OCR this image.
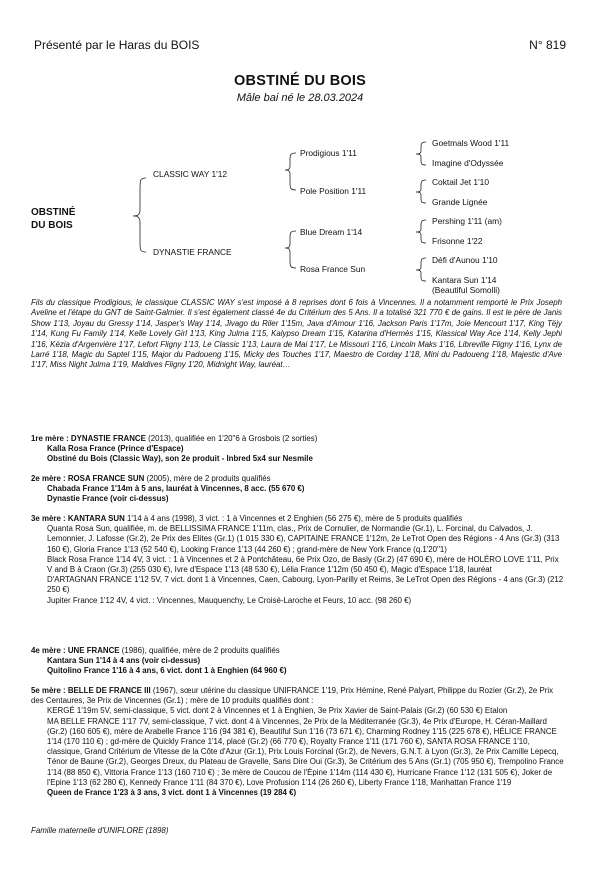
Présenté par le Haras du BOIS	N° 819
OBSTINÉ DU BOIS
Mâle bai né le 28.03.2024
OBSTINÉ
DU BOIS
CLASSIC WAY 1'12
DYNASTIE FRANCE
Prodigious 1'11
Pole Position 1'11
Blue Dream 1'14
Rosa France Sun
Goetmals Wood 1'11
Imagine d'Odyssée
Coktail Jet 1'10
Grande Lignée
Pershing 1'11 (am)
Frisonne 1'22
Défi d'Aunou 1'10
Kantara Sun 1'14
(Beautiful Somolli)
Fils du classique Prodigious, le classique CLASSIC WAY s'est imposé à 8 reprises dont 6 fois à Vincennes. Il a notamment remporté le Prix Joseph Aveline et l'étape du GNT de Saint-Galmier. Il s'est également classé 4e du Critérium des 5 Ans. Il a totalisé 321 770 € de gains. Il est le père de Janis Show 1'13, Joyau du Gressy 1'14, Jasper's Way 1'14, Jivago du Riler 1'15m, Java d'Amour 1'16, Jackson Paris 1'17m, Joie Mencourt 1'17, King Tëjy 1'14, Kung Fu Family 1'14, Kelle Lovely Girl 1'13, King Julma 1'15, Kalypso Dream 1'15, Katarina d'Hermès 1'15, Klassical Way Ace 1'14, Kelly Jephi 1'16, Kézia d'Argenvière 1'17, Lefort Fligny 1'13, Le Classic 1'13, Laura de Mai 1'17, Le Missouri 1'16, Lincoln Maks 1'16, Libreville Fligny 1'16, Lynx de Larré 1'18, Magic du Saptel 1'15, Major du Padoueng 1'15, Micky des Touches 1'17, Maestro de Corday 1'18, Mini du Padoueng 1'18, Majestic d'Ave 1'17, Miss Night Julma 1'19, Maldives Fligny 1'20, Midnight Way, lauréat…
1re mère : DYNASTIE FRANCE (2013), qualifiée en 1'20"6 à Grosbois (2 sorties)
Kalla Rosa France (Prince d'Espace)
Obstiné du Bois (Classic Way), son 2e produit - Inbred 5x4 sur Nesmile
2e mère : ROSA FRANCE SUN (2005), mère de 2 produits qualifiés
Chabada France 1'14m à 5 ans, lauréat à Vincennes, 8 acc. (55 670 €)
Dynastie France (voir ci-dessus)
3e mère : KANTARA SUN 1'14 à 4 ans (1998), 3 vict. : 1 à Vincennes et 2 Enghien (56 275 €), mère de 5 produits qualifiés
Quanta Rosa Sun, qualifiée, m. de BELLISSIMA FRANCE 1'11m, clas., Prix de Cornulier, de Normandie (Gr.1), L. Forcinal, du Calvados, J. Lemonnier, J. Lafosse (Gr.2), 2e Prix des Elites (Gr.1) (1 015 330 €), CAPITAINE FRANCE 1'12m, 2e LeTrot Open des Régions - 4 Ans (Gr.3) (313 160 €), Gloria France 1'13 (52 540 €), Looking France 1'13 (44 260 €) ; grand-mère de New York France (q.1'20"1)
Black Rosa France 1'14 4V, 3 vict. : 1 à Vincennes et 2 à Pontchâteau, 6e Prix Ozo, de Basly (Gr.2) (47 690 €), mère de HOLÉRO LOVE 1'11, Prix V and B à Craon (Gr.3) (255 030 €), Ivre d'Espace 1'13 (48 530 €), Lélia France 1'12m (50 450 €), Magic d'Espace 1'18, lauréat
D'ARTAGNAN FRANCE 1'12 5V, 7 vict. dont 1 à Vincennes, Caen, Cabourg, Lyon-Parilly et Reims, 3e LeTrot Open des Régions - 4 ans (Gr.3) (212 250 €)
Jupiter France 1'12 4V, 4 vict. : Vincennes, Mauquenchy, Le Croisé-Laroche et Feurs, 10 acc. (98 260 €)
4e mère : UNE FRANCE (1986), qualifiée, mère de 2 produits qualifiés
Kantara Sun 1'14 à 4 ans (voir ci-dessus)
Quitolino France 1'16 à 4 ans, 6 vict. dont 1 à Enghien (64 960 €)
5e mère : BELLE DE FRANCE III (1967), sœur utérine du classique UNIFRANCE 1'19, Prix Hémine, René Palyart, Philippe du Rozier (Gr.2), 2e Prix des Centaures, 3e Prix de Vincennes (Gr.1) ; mère de 10 produits qualifiés dont :
KERGÉ 1'19m 5V, semi-classique, 5 vict. dont 2 à Vincennes et 1 à Enghien, 3e Prix Xavier de Saint-Palais (Gr.2) (60 530 €) Etalon
MA BELLE FRANCE 1'17 7V, semi-classique, 7 vict. dont 4 à Vincennes, 2e Prix de la Méditerranée (Gr.3), 4e Prix d'Europe, H. Céran-Maillard (Gr.2) (160 605 €), mère de Arabelle France 1'16 (94 381 €), Beautiful Sun 1'16 (73 671 €), Charming Rodney 1'15 (225 678 €), HÉLICE FRANCE 1'14 (170 110 €) ; gd-mère de Quickly France 1'14, placé (Gr.2) (66 770 €), Royalty France 1'11 (171 760 €), SANTA ROSA FRANCE 1'10, classique, Grand Critérium de Vitesse de la Côte d'Azur (Gr.1), Prix Louis Forcinal (Gr.2), de Nevers, G.N.T. à Lyon (Gr.3), 2e Prix Camille Lepecq, Ténor de Baune (Gr.2), Georges Dreux, du Plateau de Gravelle, Sans Dire Oui (Gr.3), 3e Critérium des 5 Ans (Gr.1) (705 950 €), Trempolino France 1'14 (88 850 €), Vittoria France 1'13 (160 710 €) ; 3e mère de Coucou de l'Épine 1'14m (114 430 €), Hurricane France 1'12 (131 505 €), Joker de l'Epine 1'13 (62 280 €), Kennedy France 1'11 (84 370 €), Love Profusion 1'14 (26 260 €), Liberty France 1'18, Manhattan France 1'19
Queen de France 1'23 à 3 ans, 3 vict. dont 1 à Vincennes (19 284 €)
Famille maternelle d'UNIFLORE (1898)
